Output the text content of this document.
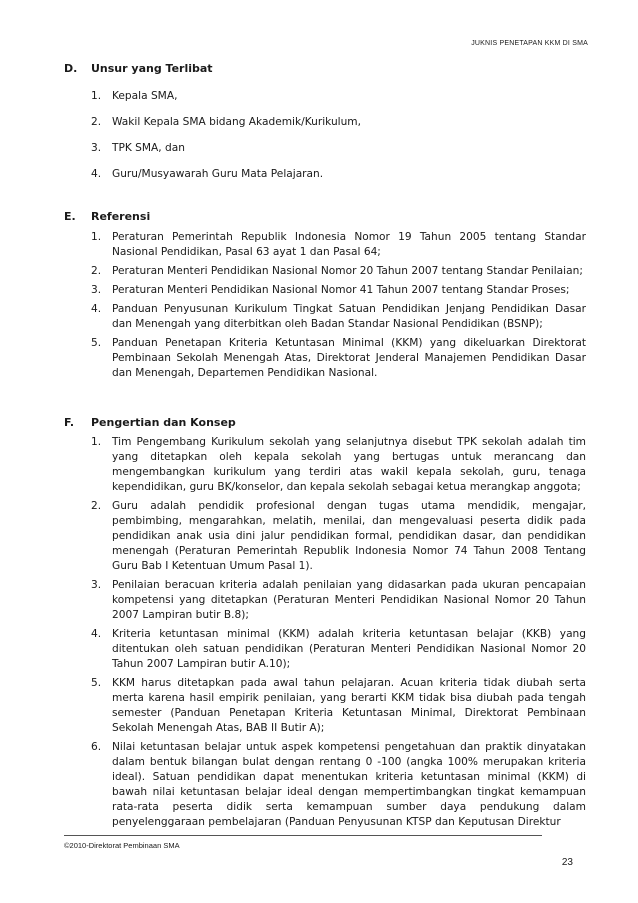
JUKNIS PENETAPAN KKM DI SMA
D. Unsur yang Terlibat
1. Kepala SMA,
2. Wakil Kepala SMA bidang Akademik/Kurikulum,
3. TPK SMA, dan
4. Guru/Musyawarah Guru Mata Pelajaran.
E. Referensi
1. Peraturan Pemerintah Republik Indonesia Nomor 19 Tahun 2005 tentang Standar Nasional Pendidikan, Pasal 63 ayat 1 dan Pasal 64;
2. Peraturan Menteri Pendidikan Nasional Nomor 20 Tahun 2007 tentang Standar Penilaian;
3. Peraturan Menteri Pendidikan Nasional Nomor 41 Tahun 2007 tentang Standar Proses;
4. Panduan Penyusunan Kurikulum Tingkat Satuan Pendidikan Jenjang Pendidikan Dasar dan Menengah yang diterbitkan oleh Badan Standar Nasional Pendidikan (BSNP);
5. Panduan Penetapan Kriteria Ketuntasan Minimal (KKM) yang dikeluarkan Direktorat Pembinaan Sekolah Menengah Atas, Direktorat Jenderal Manajemen Pendidikan Dasar dan Menengah, Departemen Pendidikan Nasional.
F. Pengertian dan Konsep
1. Tim Pengembang Kurikulum sekolah yang selanjutnya disebut TPK sekolah adalah tim yang ditetapkan oleh kepala sekolah yang bertugas untuk merancang dan mengembangkan kurikulum yang terdiri atas wakil kepala sekolah, guru, tenaga kependidikan, guru BK/konselor, dan kepala sekolah sebagai ketua merangkap anggota;
2. Guru adalah pendidik profesional dengan tugas utama mendidik, mengajar, pembimbing, mengarahkan, melatih, menilai, dan mengevaluasi peserta didik pada pendidikan anak usia dini jalur pendidikan formal, pendidikan dasar, dan pendidikan menengah (Peraturan Pemerintah Republik Indonesia Nomor 74 Tahun 2008 Tentang Guru Bab I Ketentuan Umum Pasal 1).
3. Penilaian beracuan kriteria adalah penilaian yang didasarkan pada ukuran pencapaian kompetensi yang ditetapkan (Peraturan Menteri Pendidikan Nasional Nomor 20 Tahun 2007 Lampiran butir B.8);
4. Kriteria ketuntasan minimal (KKM) adalah kriteria ketuntasan belajar (KKB) yang ditentukan oleh satuan pendidikan (Peraturan Menteri Pendidikan Nasional Nomor 20 Tahun 2007 Lampiran butir A.10);
5. KKM harus ditetapkan pada awal tahun pelajaran. Acuan kriteria tidak diubah serta merta karena hasil empirik penilaian, yang berarti KKM tidak bisa diubah pada tengah semester (Panduan Penetapan Kriteria Ketuntasan Minimal, Direktorat Pembinaan Sekolah Menengah Atas, BAB II Butir A);
6. Nilai ketuntasan belajar untuk aspek kompetensi pengetahuan dan praktik dinyatakan dalam bentuk bilangan bulat dengan rentang 0 -100 (angka 100% merupakan kriteria ideal). Satuan pendidikan dapat menentukan kriteria ketuntasan minimal (KKM) di bawah nilai ketuntasan belajar ideal dengan mempertimbangkan tingkat kemampuan rata-rata peserta didik serta kemampuan sumber daya pendukung dalam penyelenggaraan pembelajaran (Panduan Penyusunan KTSP dan Keputusan Direktur
©2010-Direktorat Pembinaan SMA
23
